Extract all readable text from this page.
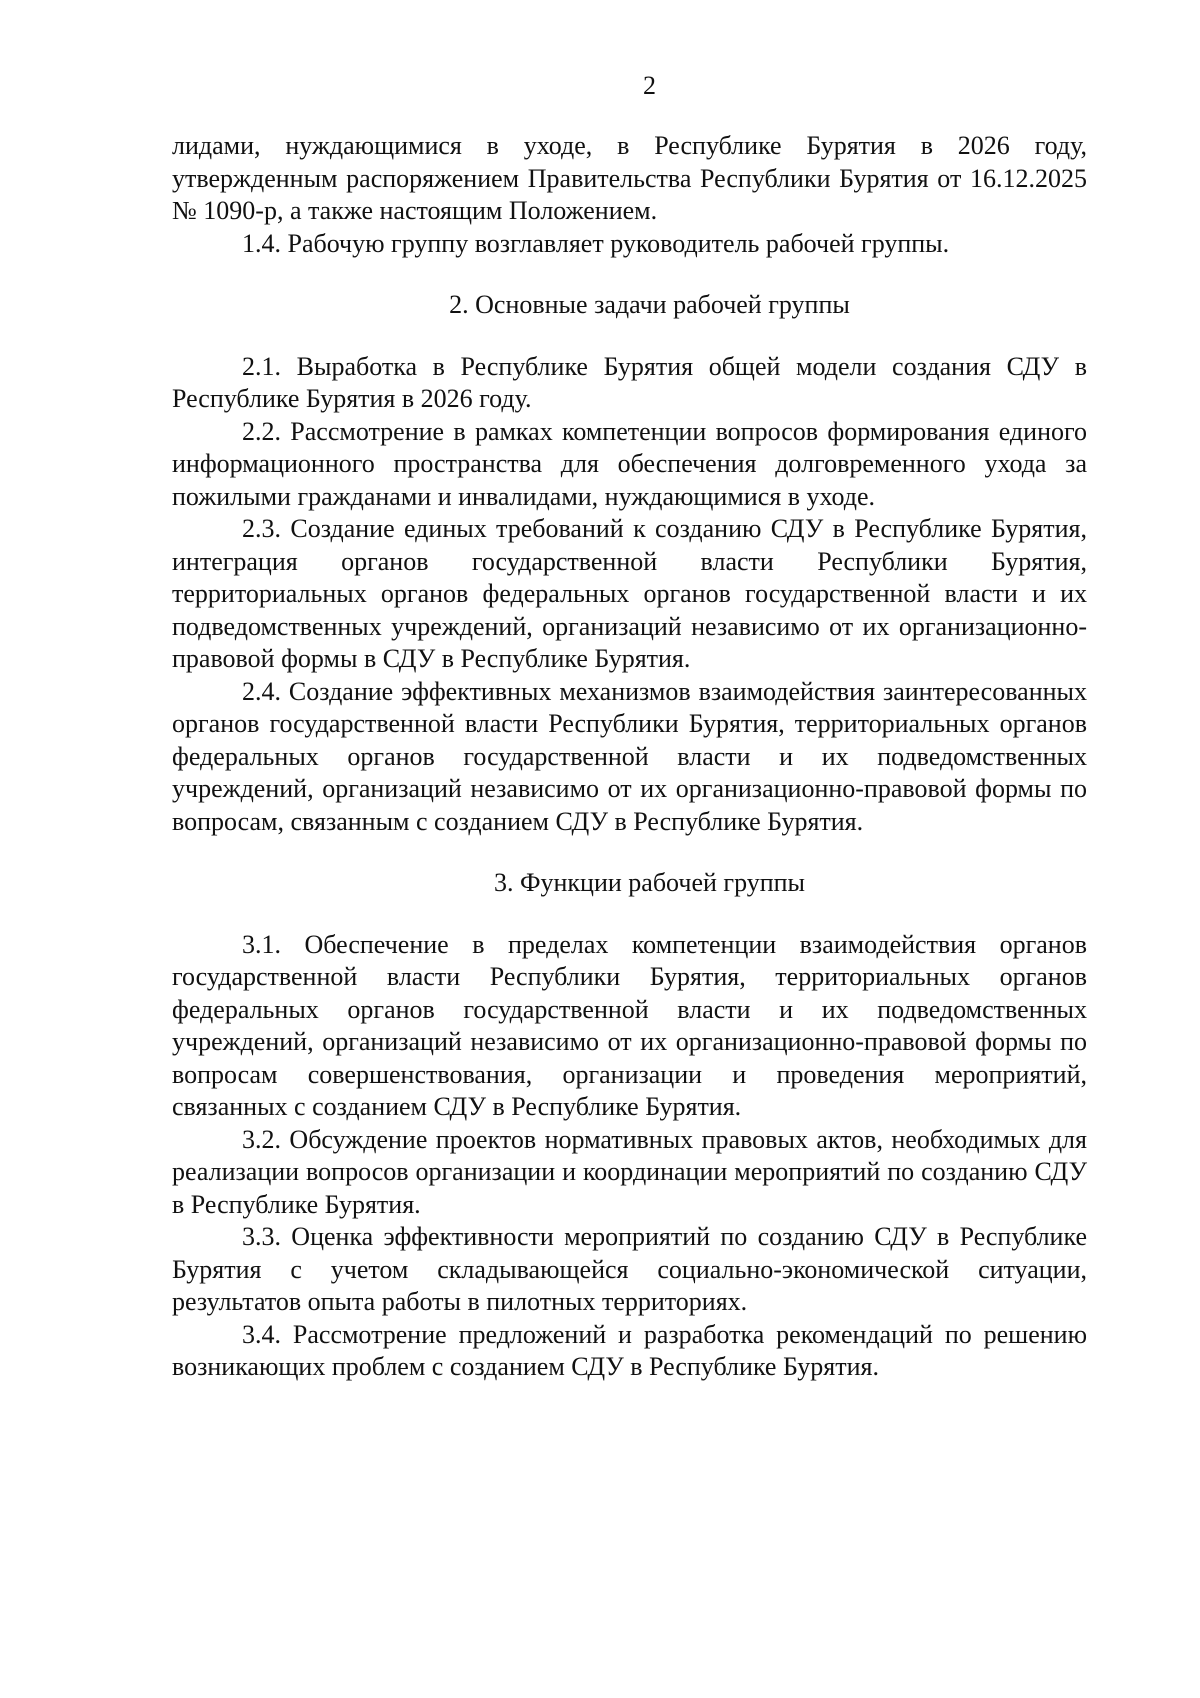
2

лидами, нуждающимися в уходе, в Республике Бурятия в 2026 году, утвержденным распоряжением Правительства Республики Бурятия от 16.12.2025 № 1090-р, а также настоящим Положением.

1.4. Рабочую группу возглавляет руководитель рабочей группы.

2. Основные задачи рабочей группы

2.1. Выработка в Республике Бурятия общей модели создания СДУ в Республике Бурятия в 2026 году.

2.2. Рассмотрение в рамках компетенции вопросов формирования единого информационного пространства для обеспечения долговременного ухода за пожилыми гражданами и инвалидами, нуждающимися в уходе.

2.3. Создание единых требований к созданию СДУ в Республике Бурятия, интеграция органов государственной власти Республики Бурятия, территориальных органов федеральных органов государственной власти и их подведомственных учреждений, организаций независимо от их организационно-правовой формы в СДУ в Республике Бурятия.

2.4. Создание эффективных механизмов взаимодействия заинтересованных органов государственной власти Республики Бурятия, территориальных органов федеральных органов государственной власти и их подведомственных учреждений, организаций независимо от их организационно-правовой формы по вопросам, связанным с созданием СДУ в Республике Бурятия.

3. Функции рабочей группы

3.1. Обеспечение в пределах компетенции взаимодействия органов государственной власти Республики Бурятия, территориальных органов федеральных органов государственной власти и их подведомственных учреждений, организаций независимо от их организационно-правовой формы по вопросам совершенствования, организации и проведения мероприятий, связанных с созданием СДУ в Республике Бурятия.

3.2. Обсуждение проектов нормативных правовых актов, необходимых для реализации вопросов организации и координации мероприятий по созданию СДУ в Республике Бурятия.

3.3. Оценка эффективности мероприятий по созданию СДУ в Республике Бурятия с учетом складывающейся социально-экономической ситуации, результатов опыта работы в пилотных территориях.

3.4. Рассмотрение предложений и разработка рекомендаций по решению возникающих проблем с созданием СДУ в Республике Бурятия.
